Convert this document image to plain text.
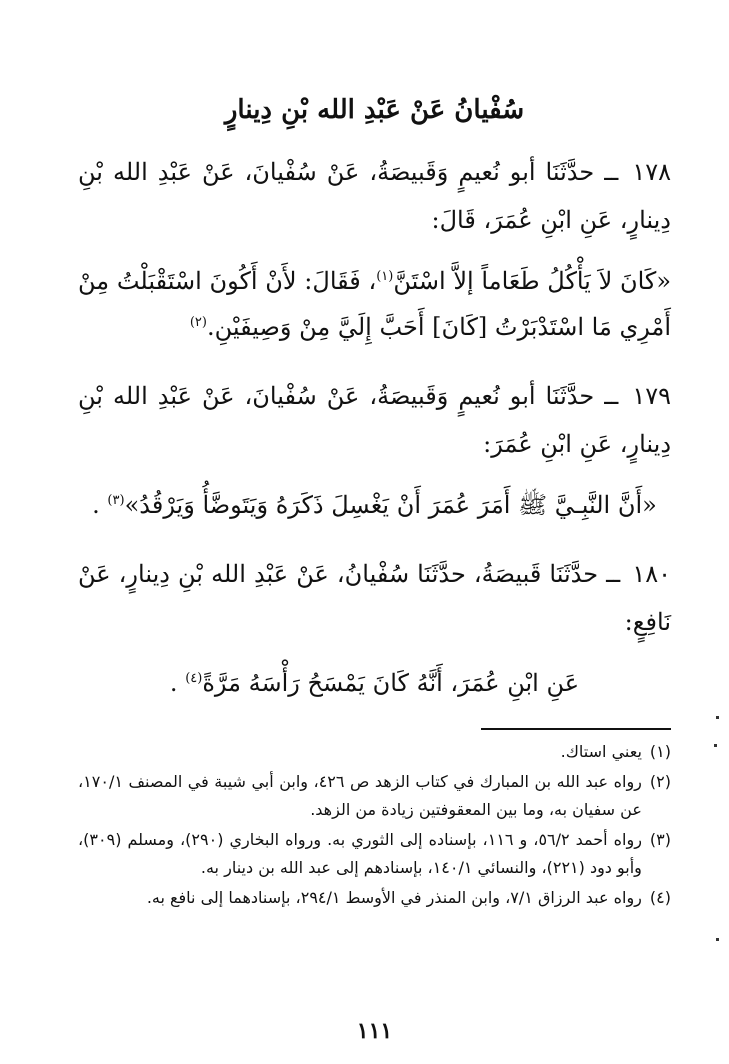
سُفْيانُ عَنْ عَبْدِ الله بْنِ دِينارٍ

١٧٨ ــ حدَّثَنَا أبو نُعيمٍ وَقَبيصَةُ، عَنْ سُفْيانَ، عَنْ عَبْدِ الله بْنِ دِينارٍ، عَنِ ابْنِ عُمَرَ، قَالَ:

«كَانَ لاَ يَأْكُلُ طَعَاماً إلاَّ اسْتَنَّ$^{(١)}$، فَقَالَ: لأَنْ أَكُونَ اسْتَقْبَلْتُ مِنْ أَمْرِي مَا اسْتَدْبَرْتُ [كَانَ] أَحَبَّ إِلَيَّ مِنْ وَصِيفَيْنِ.$^{(٢)}$

١٧٩ ــ حدَّثَنَا أبو نُعيمٍ وَقَبيصَةُ، عَنْ سُفْيانَ، عَنْ عَبْدِ الله بْنِ دِينارٍ، عَنِ ابْنِ عُمَرَ:

«أَنَّ النَّبِـيَّ ﷺ أَمَرَ عُمَرَ أَنْ يَغْسِلَ ذَكَرَهُ وَيَتَوضَّأُ وَيَرْقُدُ»$^{(٣)}$ .

١٨٠ ــ حدَّثَنَا قَبيصَةُ، حدَّثَنَا سُفْيانُ، عَنْ عَبْدِ الله بْنِ دِينارٍ، عَنْ نَافِعٍ:

عَنِ ابْنِ عُمَرَ، أَنَّهُ كَانَ يَمْسَحُ رَأْسَهُ مَرَّةً$^{(٤)}$ .

(١)
يعني استاك.
(٢)
رواه عبد الله بن المبارك في كتاب الزهد ص ٤٢٦، وابن أبي شيبة في المصنف ١٧٠/١، عن سفيان به، وما بين المعقوفتين زيادة من الزهد.
(٣)
رواه أحمد ٥٦/٢، و ١١٦، بإسناده إلى الثوري به. ورواه البخاري (٢٩٠)، ومسلم (٣٠٩)، وأبو دود (٢٢١)، والنسائي ١٤٠/١، بإسنادهم إلى عبد الله بن دينار به.
(٤)
رواه عبد الرزاق ٧/١، وابن المنذر في الأوسط ٢٩٤/١، بإسنادهما إلى نافع به.
١١١
